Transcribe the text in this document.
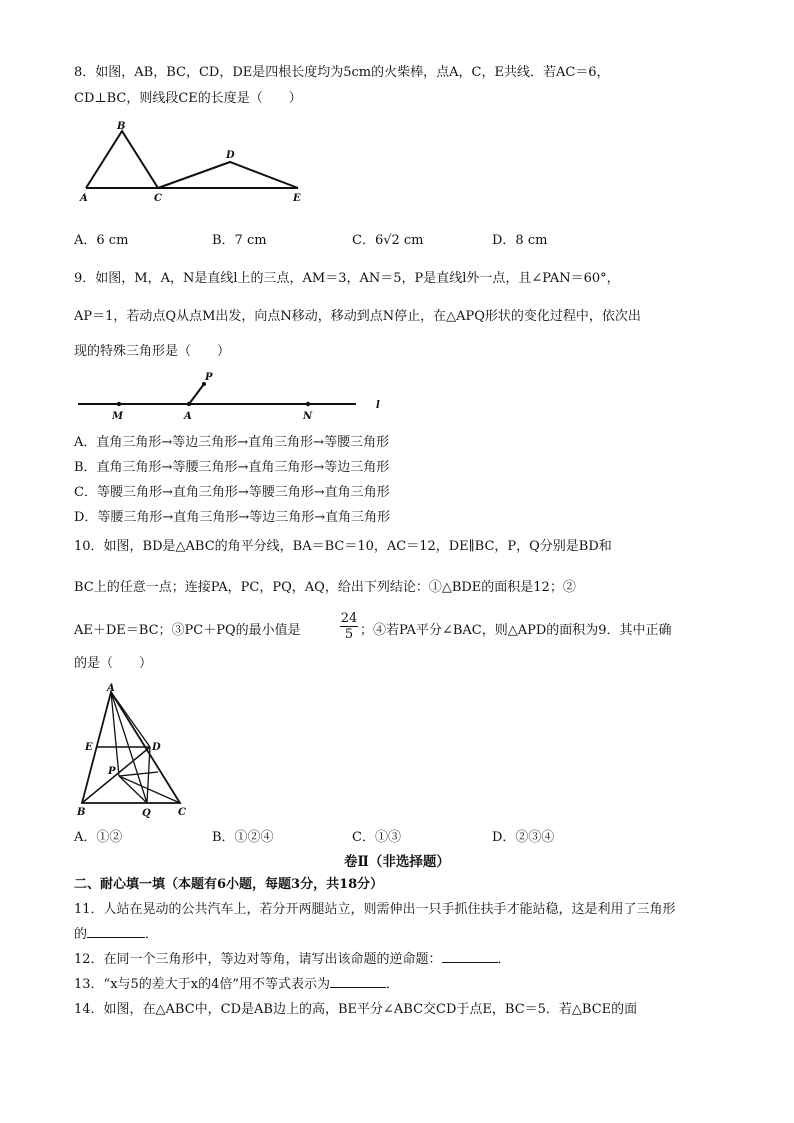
8．如图，AB，BC，CD，DE是四根长度均为5cm的火柴棒，点A，C，E共线．若AC＝6，
CD⊥BC，则线段CE的长度是（　　）
B
A	C
D
E
A．6 cm	B．7 cm	C．6√2 cm	D．8 cm
9．如图，M，A，N是直线l上的三点，AM＝3，AN＝5，P是直线l外一点，且∠PAN＝60°，
AP＝1，若动点Q从点M出发，向点N移动，移动到点N停止，在△APQ形状的变化过程中，依次出
现的特殊三角形是（　　）
P
M	A	N
l
A．直角三角形→等边三角形→直角三角形→等腰三角形
B．直角三角形→等腰三角形→直角三角形→等边三角形
C．等腰三角形→直角三角形→等腰三角形→直角三角形
D．等腰三角形→直角三角形→等边三角形→直角三角形
10．如图，BD是△ABC的角平分线，BA＝BC＝10，AC＝12，DE∥BC，P，Q分别是BD和
BC上的任意一点；连接PA，PC，PQ，AQ，给出下列结论：①△BDE的面积是12；②
AE＋DE＝BC；③PC＋PQ的最小值是	$\frac{24}{5}$ ；④若PA平分∠BAC，则△APD的面积为9．其中正确
的是（　　）
A
E	D
P
B	Q	C
A．①②	B．①②④	C．①③	D．②③④
卷Ⅱ（非选择题）
二、耐心填一填（本题有6小题，每题3分，共18分）
11．人站在晃动的公共汽车上，若分开两腿站立，则需伸出一只手抓住扶手才能站稳，这是利用了三角形
的	．
12．在同一个三角形中，等边对等角，请写出该命题的逆命题：	．
13．“x与5的差大于x的4倍”用不等式表示为	．
14．如图，在△ABC中，CD是AB边上的高，BE平分∠ABC交CD于点E，BC＝5．若△BCE的面
